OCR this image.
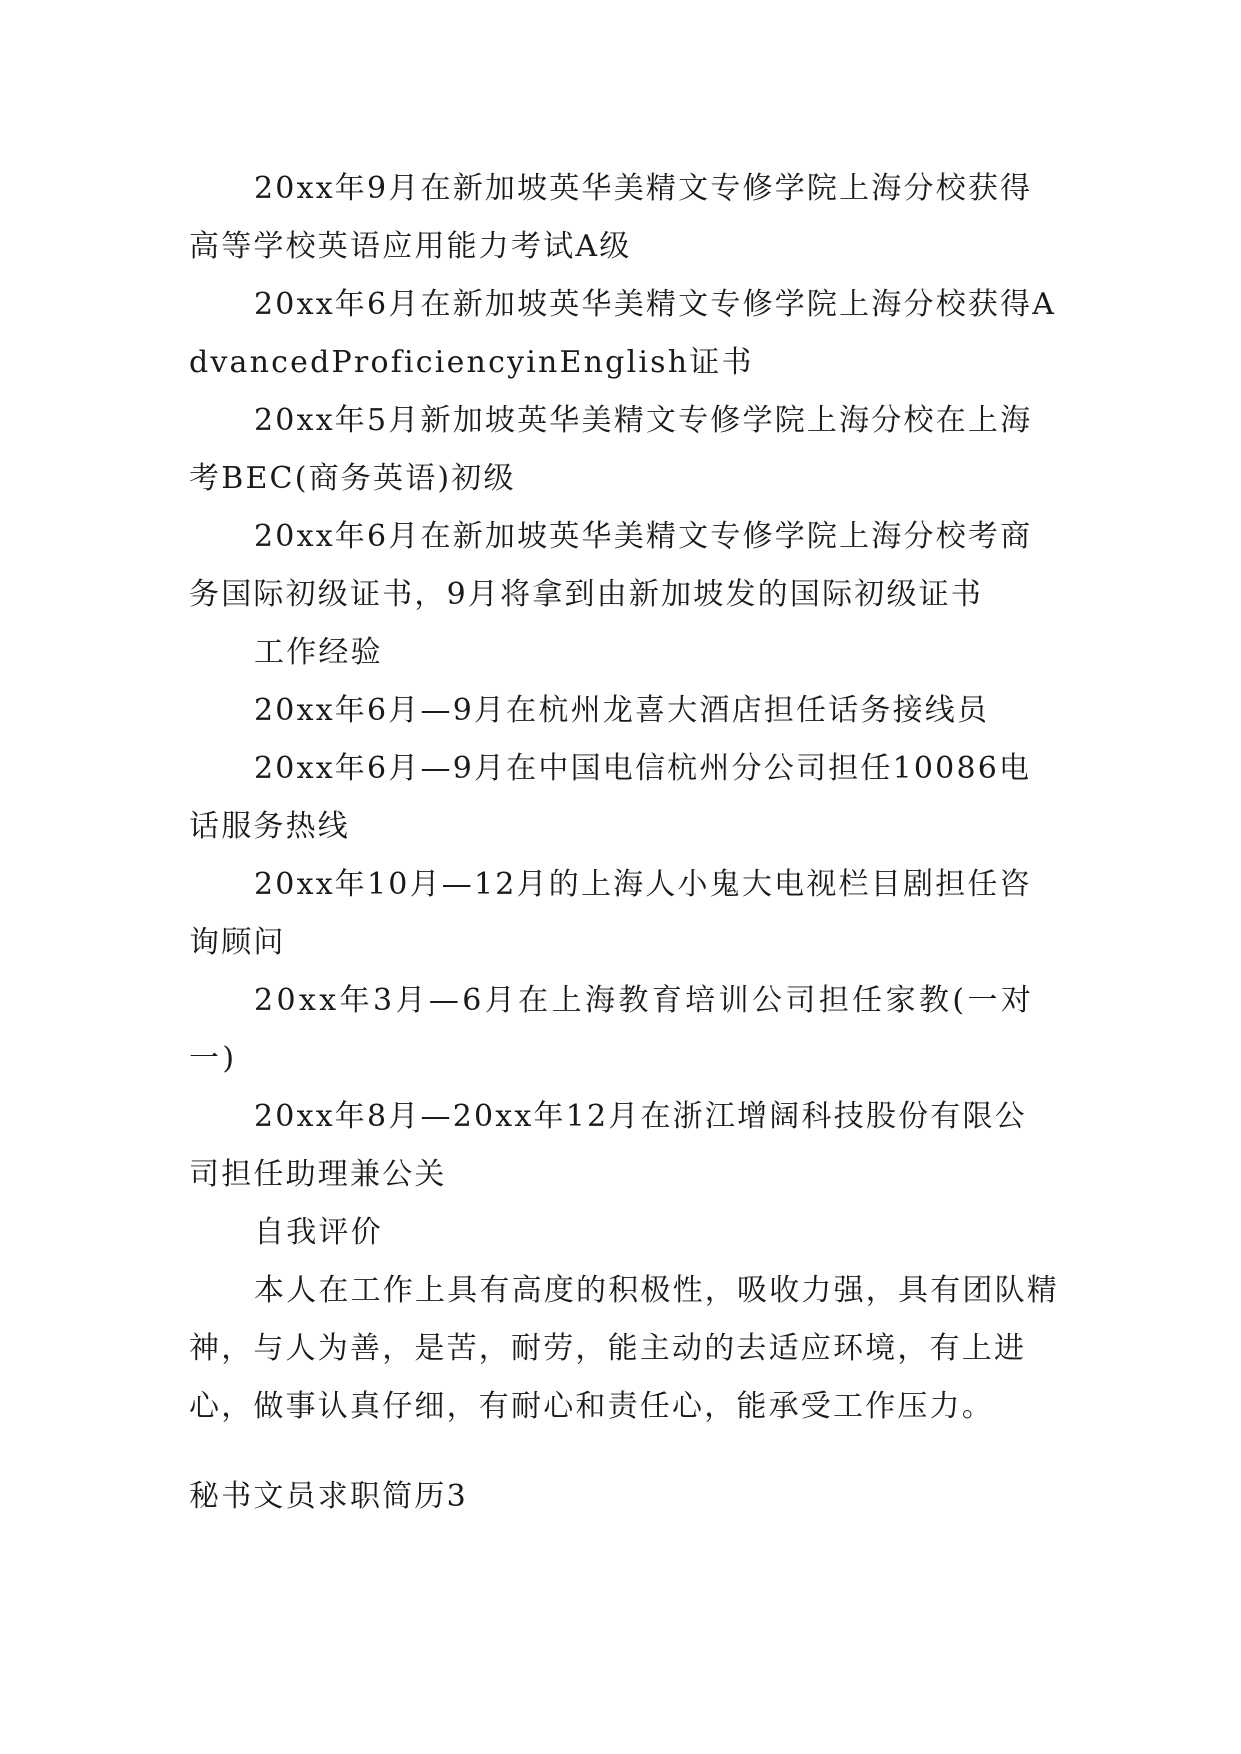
20xx年9月在新加坡英华美精文专修学院上海分校获得高等学校英语应用能力考试A级

20xx年6月在新加坡英华美精文专修学院上海分校获得AdvancedProficiencyinEnglish证书

20xx年5月新加坡英华美精文专修学院上海分校在上海考BEC(商务英语)初级

20xx年6月在新加坡英华美精文专修学院上海分校考商务国际初级证书，9月将拿到由新加坡发的国际初级证书

工作经验

20xx年6月—9月在杭州龙喜大酒店担任话务接线员

20xx年6月—9月在中国电信杭州分公司担任10086电话服务热线

20xx年10月—12月的上海人小鬼大电视栏目剧担任咨询顾问

20xx年3月—6月在上海教育培训公司担任家教(一对一)

20xx年8月—20xx年12月在浙江增阔科技股份有限公司担任助理兼公关

自我评价

本人在工作上具有高度的积极性，吸收力强，具有团队精神，与人为善，是苦，耐劳，能主动的去适应环境，有上进心，做事认真仔细，有耐心和责任心，能承受工作压力。

秘书文员求职简历3
